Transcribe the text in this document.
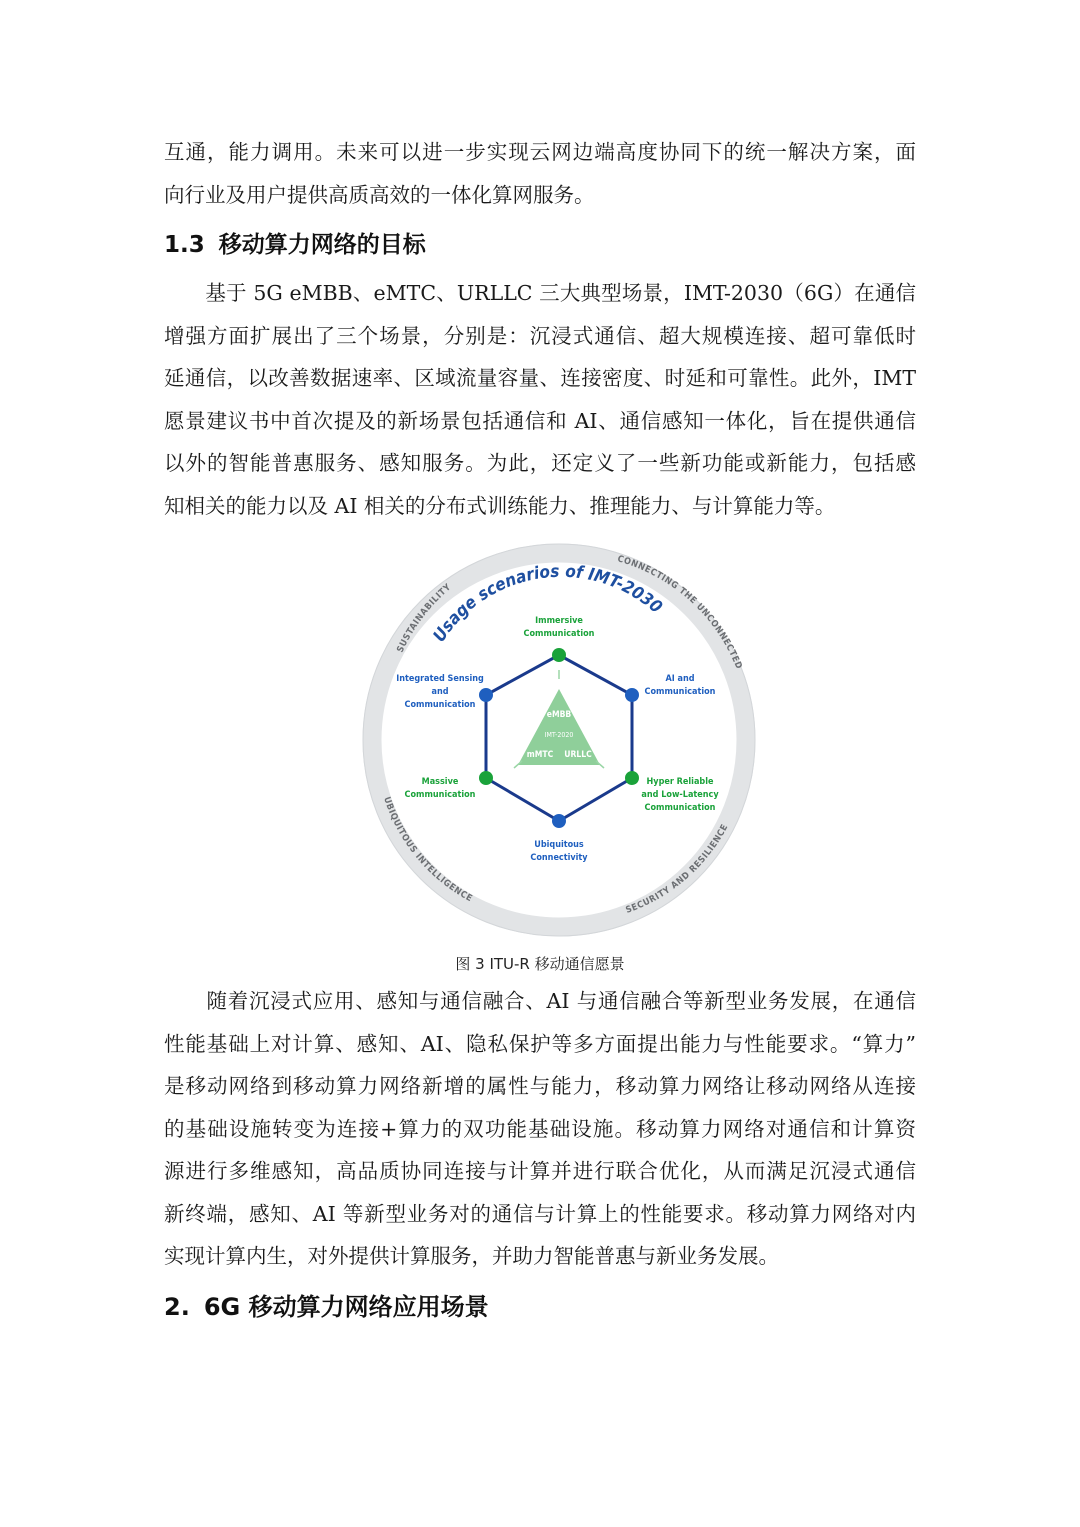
互通，能力调用。未来可以进一步实现云网边端高度协同下的统一解决方案，面
向行业及用户提供高质高效的一体化算网服务。

1.3 移动算力网络的目标

　　基于 5G eMBB、eMTC、URLLC 三大典型场景，IMT-2030（6G）在通信
增强方面扩展出了三个场景，分别是：沉浸式通信、超大规模连接、超可靠低时
延通信，以改善数据速率、区域流量容量、连接密度、时延和可靠性。此外，IMT
愿景建议书中首次提及的新场景包括通信和 AI、通信感知一体化，旨在提供通信
以外的智能普惠服务、感知服务。为此，还定义了一些新功能或新能力，包括感
知相关的能力以及 AI 相关的分布式训练能力、推理能力、与计算能力等。

SUSTAINABILITY
CONNECTING THE UNCONNECTED
UBIQUITOUS INTELLIGENCE
SECURITY AND RESILIENCE
Usage scenarios of IMT-2030
eMBB
IMT-2020
mMTC URLLC
Immersive
Communication
Integrated Sensing
and
Communication
AI and
Communication
Massive
Communication
Hyper Reliable
and Low-Latency
Communication
Ubiquitous
Connectivity
图 3 ITU-R 移动通信愿景

　　随着沉浸式应用、感知与通信融合、AI 与通信融合等新型业务发展，在通信
性能基础上对计算、感知、AI、隐私保护等多方面提出能力与性能要求。“算力”
是移动网络到移动算力网络新增的属性与能力，移动算力网络让移动网络从连接
的基础设施转变为连接+算力的双功能基础设施。移动算力网络对通信和计算资
源进行多维感知，高品质协同连接与计算并进行联合优化，从而满足沉浸式通信
新终端，感知、AI 等新型业务对的通信与计算上的性能要求。移动算力网络对内
实现计算内生，对外提供计算服务，并助力智能普惠与新业务发展。

2. 6G 移动算力网络应用场景
